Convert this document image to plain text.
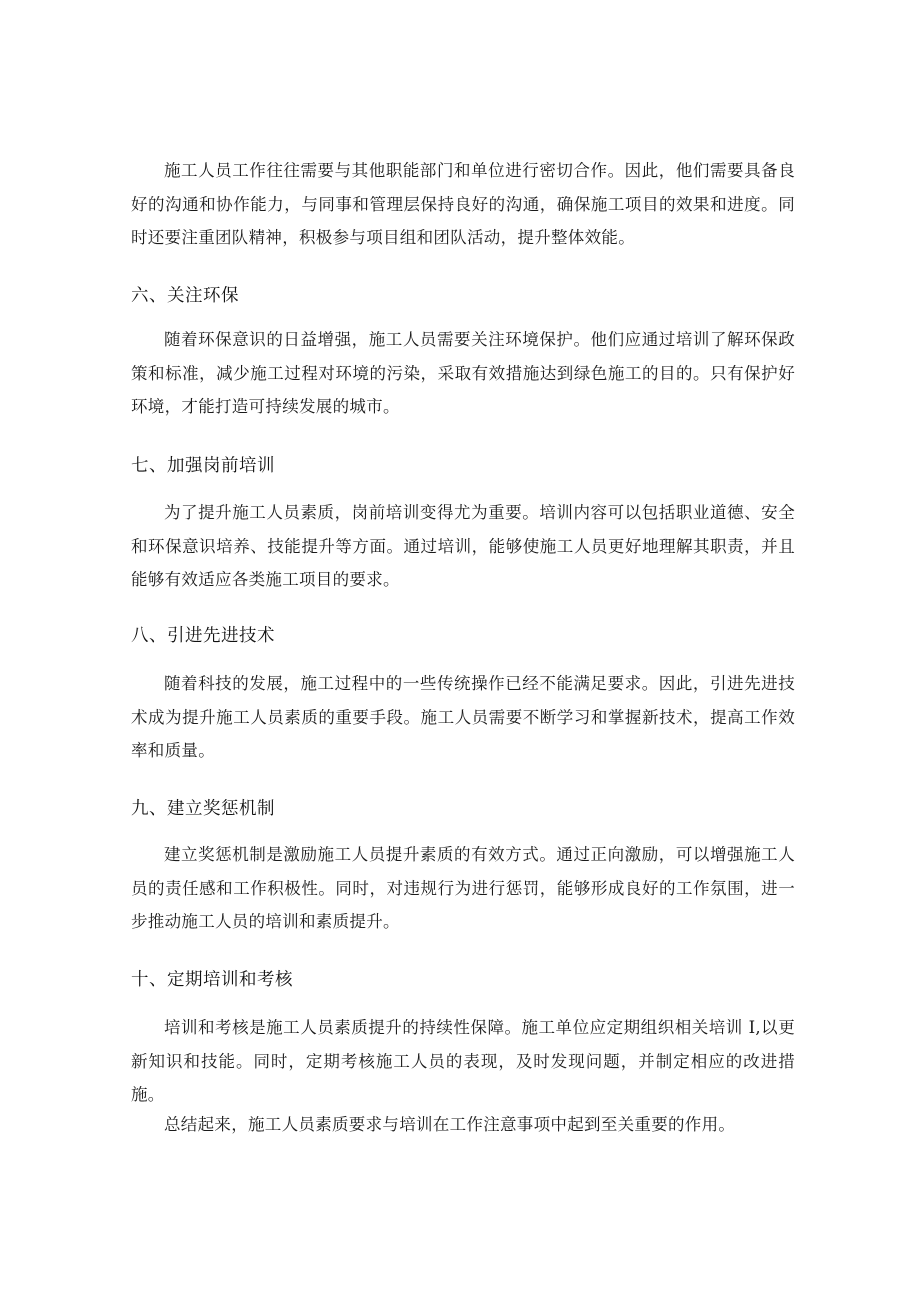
施工人员工作往往需要与其他职能部门和单位进行密切合作。因此，他们需要具备良好的沟通和协作能力，与同事和管理层保持良好的沟通，确保施工项目的效果和进度。同时还要注重团队精神，积极参与项目组和团队活动，提升整体效能。

六、关注环保

随着环保意识的日益增强，施工人员需要关注环境保护。他们应通过培训了解环保政策和标准，减少施工过程对环境的污染，采取有效措施达到绿色施工的目的。只有保护好环境，才能打造可持续发展的城市。

七、加强岗前培训

为了提升施工人员素质，岗前培训变得尤为重要。培训内容可以包括职业道德、安全和环保意识培养、技能提升等方面。通过培训，能够使施工人员更好地理解其职责，并且能够有效适应各类施工项目的要求。

八、引进先进技术

随着科技的发展，施工过程中的一些传统操作已经不能满足要求。因此，引进先进技术成为提升施工人员素质的重要手段。施工人员需要不断学习和掌握新技术，提高工作效率和质量。

九、建立奖惩机制

建立奖惩机制是激励施工人员提升素质的有效方式。通过正向激励，可以增强施工人员的责任感和工作积极性。同时，对违规行为进行惩罚，能够形成良好的工作氛围，进一步推动施工人员的培训和素质提升。

十、定期培训和考核

培训和考核是施工人员素质提升的持续性保障。施工单位应定期组织相关培训 I,以更新知识和技能。同时，定期考核施工人员的表现，及时发现问题，并制定相应的改进措施。

总结起来，施工人员素质要求与培训在工作注意事项中起到至关重要的作用。
